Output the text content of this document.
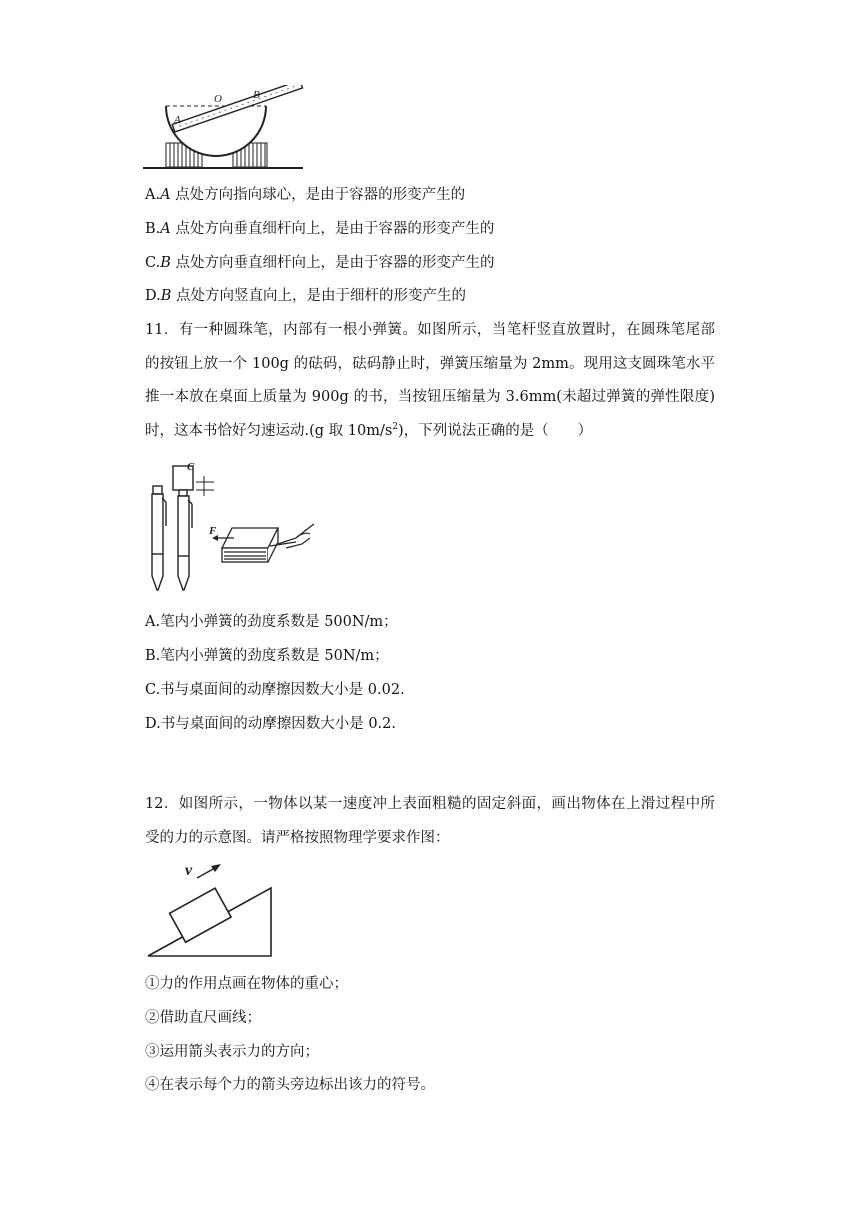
O	B
A
A.A 点处方向指向球心，是由于容器的形变产生的
B.A 点处方向垂直细杆向上，是由于容器的形变产生的
C.B 点处方向垂直细杆向上，是由于容器的形变产生的
D.B 点处方向竖直向上，是由于细杆的形变产生的
11．有一种圆珠笔，内部有一根小弹簧。如图所示，当笔杆竖直放置时，在圆珠笔尾部
的按钮上放一个 100g 的砝码，砝码静止时，弹簧压缩量为 2mm。现用这支圆珠笔水平
推一本放在桌面上质量为 900g 的书，当按钮压缩量为 3.6mm(未超过弹簧的弹性限度)
时，这本书恰好匀速运动.(g 取 $10m/s^2$)，下列说法正确的是（　　）
C
F
A.笔内小弹簧的劲度系数是 500N/m；
B.笔内小弹簧的劲度系数是 50N/m；
C.书与桌面间的动摩擦因数大小是 0.02.
D.书与桌面间的动摩擦因数大小是 0.2.
12．如图所示，一物体以某一速度冲上表面粗糙的固定斜面，画出物体在上滑过程中所
受的力的示意图。请严格按照物理学要求作图：
v
①力的作用点画在物体的重心；
②借助直尺画线；
③运用箭头表示力的方向；
④在表示每个力的箭头旁边标出该力的符号。
